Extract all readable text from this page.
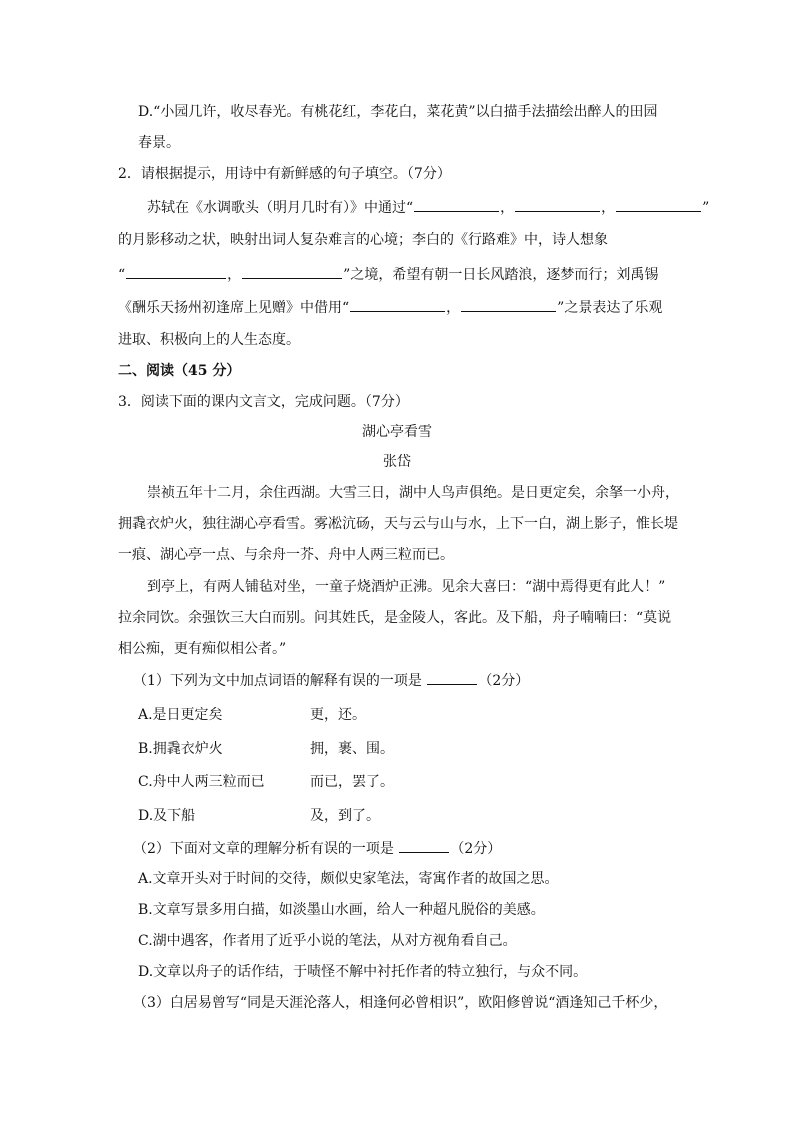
D.“小园几许，收尽春光。有桃花红，李花白，菜花黄”以白描手法描绘出醉人的田园
春景。
2．请根据提示，用诗中有新鲜感的句子填空。（7分）
苏轼在《水调歌头（明月几时有）》中通过“	，	，	”
的月影移动之状，映射出词人复杂难言的心境；李白的《行路难》中，诗人想象
“	，	”之境，希望有朝一日长风踏浪，逐梦而行；刘禹锡
《酬乐天扬州初逢席上见赠》中借用“	，	”之景表达了乐观
进取、积极向上的人生态度。
二、阅读（45 分）
3．阅读下面的课内文言文，完成问题。（7分）
湖心亭看雪
张岱
崇祯五年十二月，余住西湖。大雪三日，湖中人鸟声俱绝。是日更定矣，余拏一小舟，
拥毳衣炉火，独往湖心亭看雪。雾凇沆砀，天与云与山与水，上下一白，湖上影子，惟长堤
一痕、湖心亭一点、与余舟一芥、舟中人两三粒而已。
到亭上，有两人铺毡对坐，一童子烧酒炉正沸。见余大喜曰：“湖中焉得更有此人！”
拉余同饮。余强饮三大白而别。问其姓氏，是金陵人，客此。及下船，舟子喃喃曰：“莫说
相公痴，更有痴似相公者。”
（1）下列为文中加点词语的解释有误的一项是	（2分）
A.是日更定矣	更，还。
B.拥毳衣炉火	拥，裹、围。
C.舟中人两三粒而已	而已，罢了。
D.及下船	及，到了。
（2）下面对文章的理解分析有误的一项是	（2分）
A.文章开头对于时间的交待，颇似史家笔法，寄寓作者的故国之思。
B.文章写景多用白描，如淡墨山水画，给人一种超凡脱俗的美感。
C.湖中遇客，作者用了近乎小说的笔法，从对方视角看自己。
D.文章以舟子的话作结，于啧怪不解中衬托作者的特立独行，与众不同。
（3）白居易曾写“同是天涯沦落人，相逢何必曾相识”，欧阳修曾说“酒逢知己千杯少，
